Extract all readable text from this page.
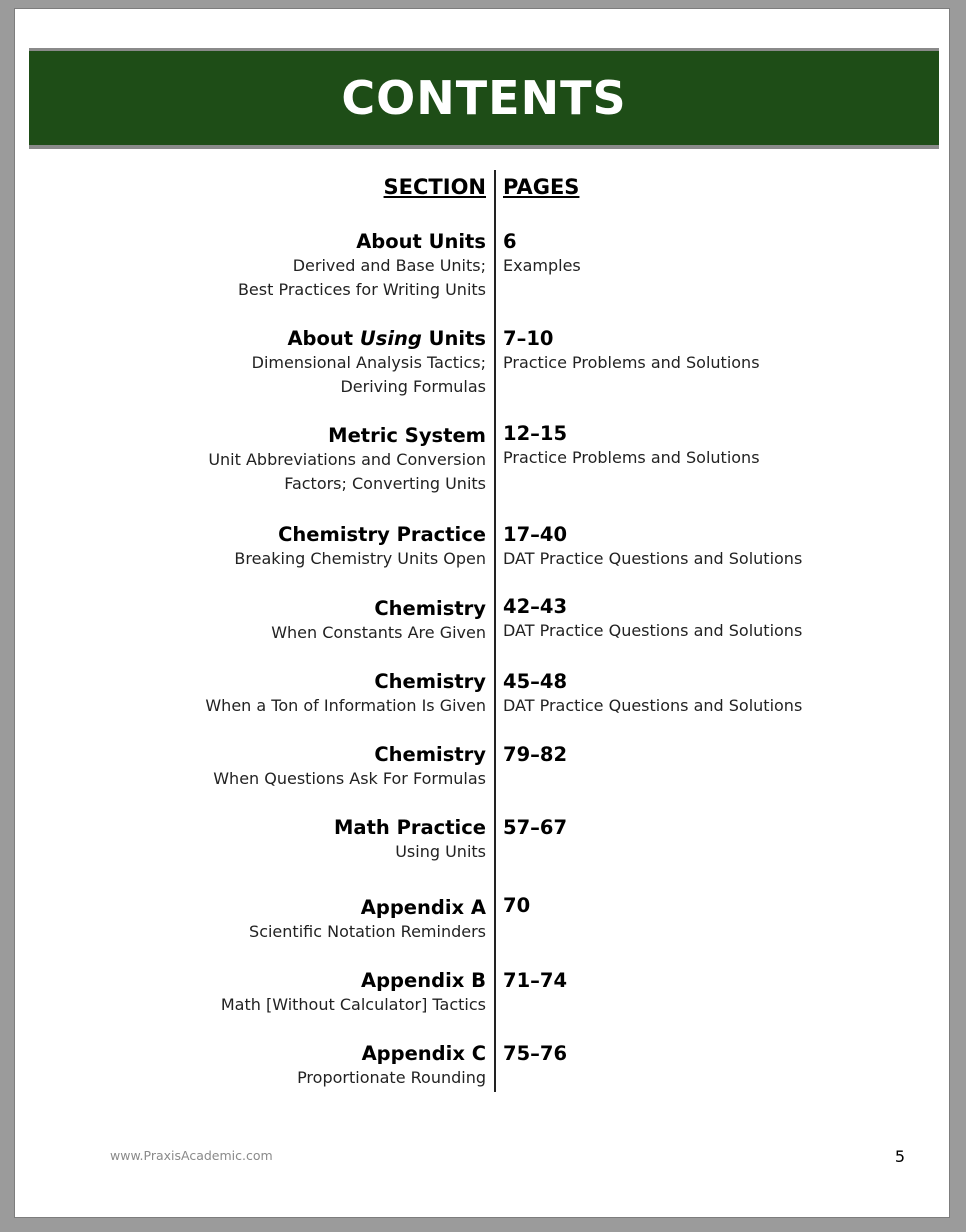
CONTENTS
SECTION PAGES
About Units
Derived and Base Units;
Best Practices for Writing Units
6
Examples
About Using Units
Dimensional Analysis Tactics;
Deriving Formulas
7–10
Practice Problems and Solutions
Metric System
Unit Abbreviations and Conversion
Factors; Converting Units
12–15
Practice Problems and Solutions
Chemistry Practice
Breaking Chemistry Units Open
17–40
DAT Practice Questions and Solutions
Chemistry
When Constants Are Given
42–43
DAT Practice Questions and Solutions
Chemistry
When a Ton of Information Is Given
45–48
DAT Practice Questions and Solutions
Chemistry
When Questions Ask For Formulas
79–82
Math Practice
Using Units
57–67
Appendix A
Scientific Notation Reminders
70
Appendix B
Math [Without Calculator] Tactics
71–74
Appendix C
Proportionate Rounding
75–76
www.PraxisAcademic.com	5
